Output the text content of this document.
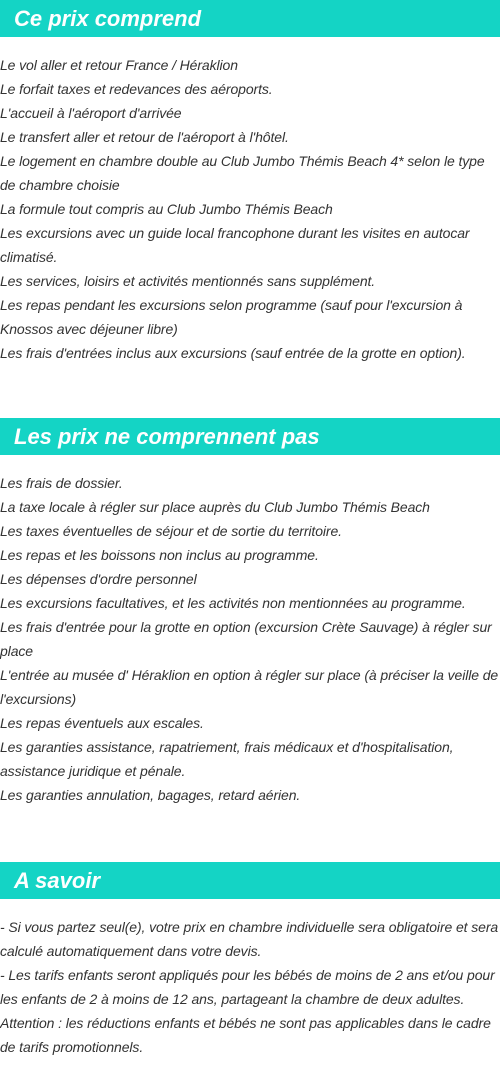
Ce prix comprend
Le vol aller et retour France / Héraklion
Le forfait taxes et redevances des aéroports.
L'accueil à l'aéroport d'arrivée
Le transfert aller et retour de l'aéroport à l'hôtel.
Le logement en chambre double au Club Jumbo Thémis Beach 4* selon le type de chambre choisie
La formule tout compris au Club Jumbo Thémis Beach
Les excursions avec un guide local francophone durant les visites en autocar climatisé.
Les services, loisirs et activités mentionnés sans supplément.
Les repas pendant les excursions selon programme (sauf pour l'excursion à Knossos avec déjeuner libre)
Les frais d'entrées inclus aux excursions (sauf entrée de la grotte en option).
Les prix ne comprennent pas
Les frais de dossier.
La taxe locale à régler sur place auprès du Club Jumbo Thémis Beach
Les taxes éventuelles de séjour et de sortie du territoire.
Les repas et les boissons non inclus au programme.
Les dépenses d'ordre personnel
Les excursions facultatives, et les activités non mentionnées au programme.
Les frais d'entrée pour la grotte en option (excursion Crète Sauvage) à régler sur place
L'entrée au musée d' Héraklion en option à régler sur place (à préciser la veille de l'excursions)
Les repas éventuels aux escales.
Les garanties assistance, rapatriement, frais médicaux et d'hospitalisation, assistance juridique et pénale.
Les garanties annulation, bagages, retard aérien.
A savoir
- Si vous partez seul(e), votre prix en chambre individuelle sera obligatoire et sera calculé automatiquement dans votre devis.
- Les tarifs enfants seront appliqués pour les bébés de moins de 2 ans et/ou pour les enfants de 2 à moins de 12 ans, partageant la chambre de deux adultes.
Attention : les réductions enfants et bébés ne sont pas applicables dans le cadre de tarifs promotionnels.
